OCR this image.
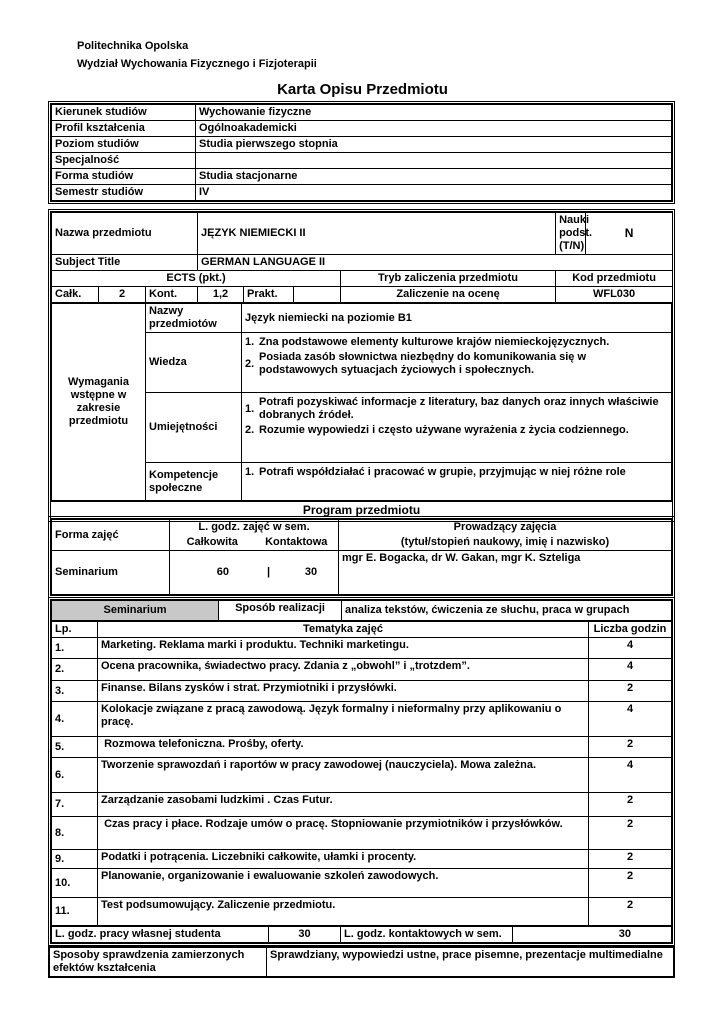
Politechnika Opolska
Wydział Wychowania Fizycznego i Fizjoterapii
Karta Opisu Przedmiotu
Kierunek studiów	Wychowanie fizyczne
Profil kształcenia	Ogólnoakademicki
Poziom studiów	Studia pierwszego stopnia
Specjalność	
Forma studiów	Studia stacjonarne
Semestr studiów	IV
Nazwa przedmiotu			JĘZYK NIEMIECKI II				Nauki podst. (T/N)	N
Subject Title			GERMAN LANGUAGE II					
ECTS (pkt.)						Tryb zaliczenia przedmiotu	Kod przedmiotu	
Całk.	2	Kont.	1,2	Prakt.		Zaliczenie na ocenę	WFL030	
Wymagania wstępne w zakresie przedmiotu	Nazwy przedmiotów	Język niemiecki na poziomie B1
	Wiedza	1. Zna podstawowe elementy kulturowe krajów niemieckojęzycznych.
2.Posiada zasób słownictwa niezbędny do komunikowania się w podstawowych sytuacjach życiowych i społecznych.

	Umiejętności	1.Potrafi pozyskiwać informacje z literatury, baz danych oraz innych właściwie dobranych źródeł.
2. Rozumie wypowiedzi i często używane wyrażenia z życia codziennego.

	Kompetencje społeczne	1. Potrafi współdziałać i pracować w grupie, przyjmując w niej różne role
Program przedmiotu
Forma zajęć	L. godz. zajęć w sem.		Prowadzący zajęcia
	Całkowita	Kontaktowa	(tytuł/stopień naukowy, imię i nazwisko)
Seminarium	60 | 30		mgr E. Bogacka, dr W. Gakan, mgr K. Szteliga
Seminarium	Sposób realizacji	analiza tekstów, ćwiczenia ze słuchu, praca w grupach
Lp.	Tematyka zajęć	Liczba godzin
1.	Marketing. Reklama marki i produktu. Techniki marketingu.	4
2.	Ocena pracownika, świadectwo pracy. Zdania z „obwohl” i „trotzdem”.	4
3.	Finanse. Bilans zysków i strat. Przymiotniki i przysłówki.	2
4.	Kolokacje związane z pracą zawodową. Język formalny i nieformalny przy aplikowaniu o pracę.	4
5.	Rozmowa telefoniczna. Prośby, oferty.	2
6.	Tworzenie sprawozdań i raportów w pracy zawodowej (nauczyciela). Mowa zależna.	4
7.	Zarządzanie zasobami ludzkimi . Czas Futur.	2
8.	Czas pracy i płace. Rodzaje umów o pracę. Stopniowanie przymiotników i przysłówków.	2
9.	Podatki i potrącenia. Liczebniki całkowite, ułamki i procenty.	2
10.	Planowanie, organizowanie i ewaluowanie szkoleń zawodowych.	2
11.	Test podsumowujący. Zaliczenie przedmiotu.	2
L. godz. pracy własnej studenta	30	L. godz. kontaktowych w sem.	30
Sposoby sprawdzenia zamierzonych efektów kształcenia	Sprawdziany, wypowiedzi ustne, prace pisemne, prezentacje multimedialne
